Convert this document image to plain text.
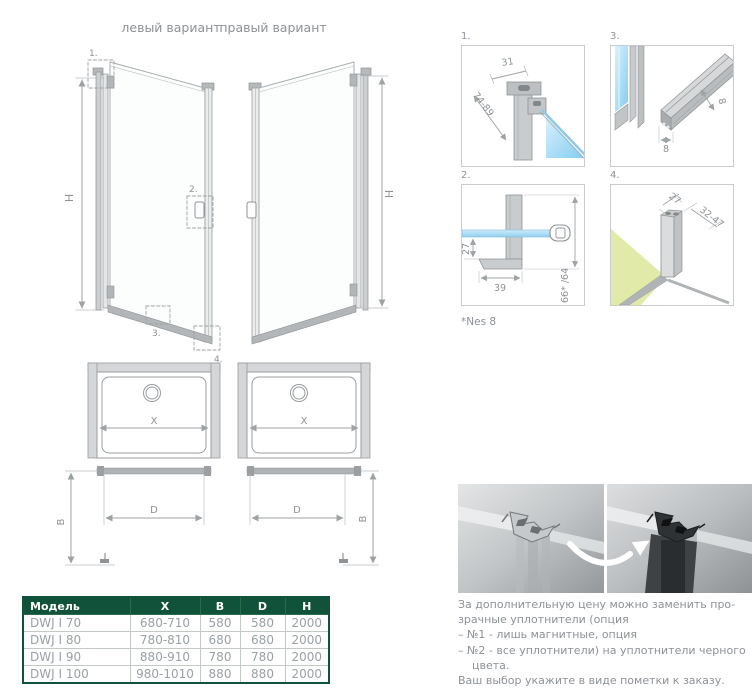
левый вариант
правый вариант
H
1.
2.
3.
4.
H
X
B
D
X
B
D
1.
31
74-89
3.
8
8
2.
27
39	66* /64
4.
27
32-47
*Nes 8
За дополнительную цену можно заменить про-
зрачные уплотнители (опция
– №1 - лишь магнитные, опция
– №2 - все уплотнители) на уплотнители черного
цвета.
Ваш выбор укажите в виде пометки к заказу.
Модель	X	B	D	H
DWJ I 70	680-710	580	580	2000
DWJ I 80	780-810	680	680	2000
DWJ I 90	880-910	780	780	2000
DWJ I 100	980-1010	880	880	2000
